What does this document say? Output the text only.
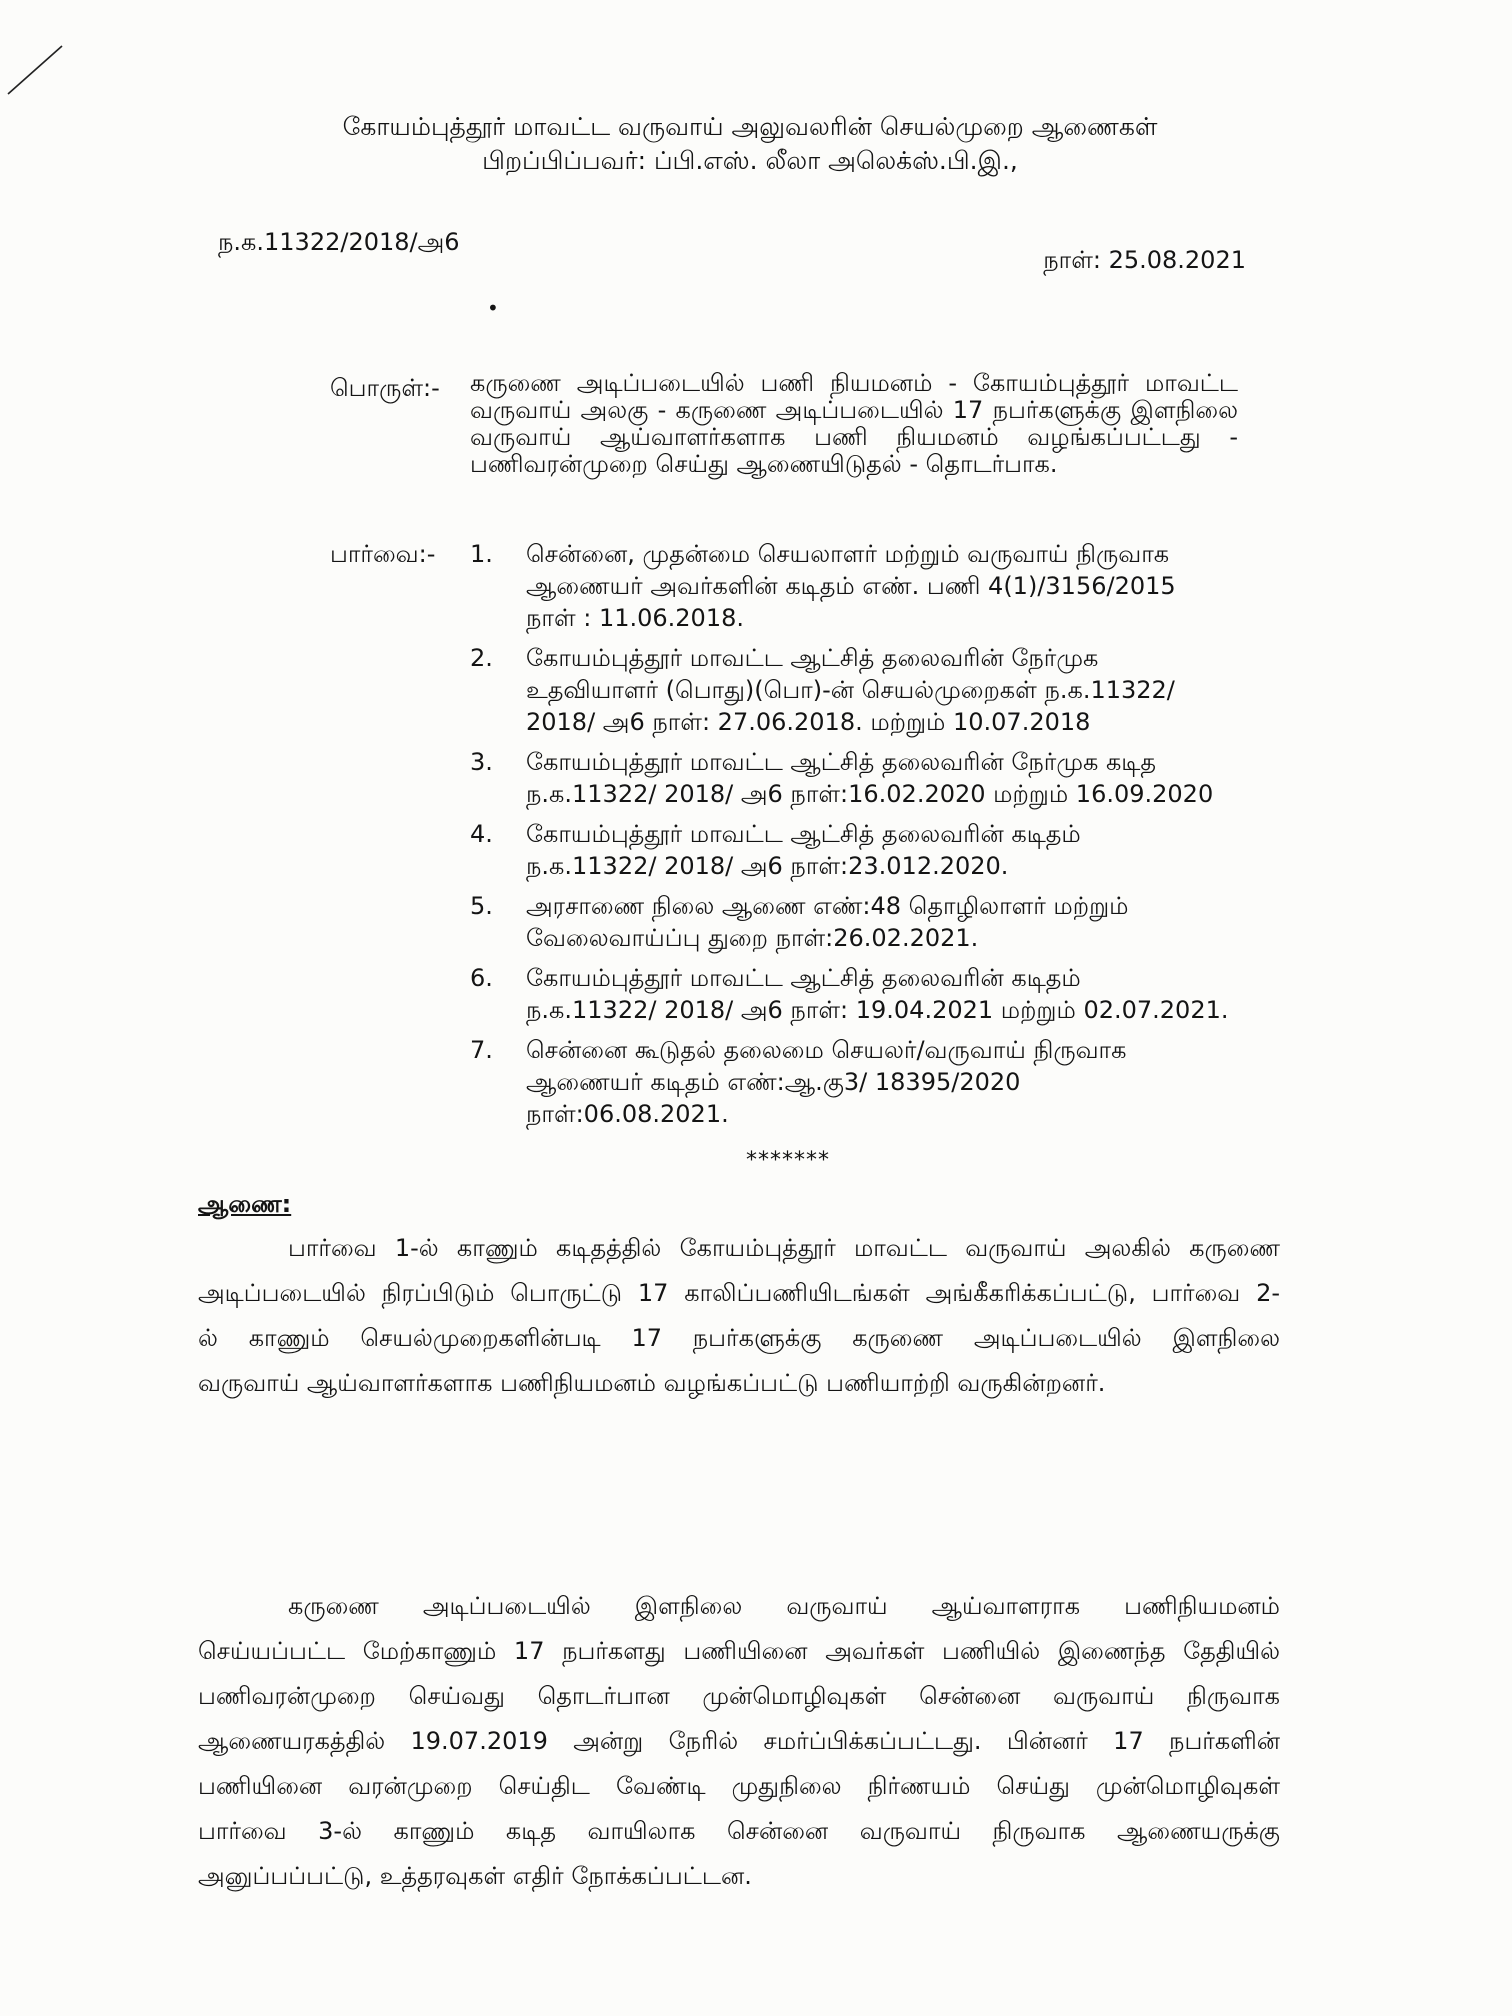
கோயம்புத்தூர் மாவட்ட வருவாய் அலுவலரின் செயல்முறை ஆணைகள்
பிறப்பிப்பவர்: ப்பி.எஸ். லீலா அலெக்ஸ்.பி.இ.,
ந.க.11322/2018/அ6
நாள்: 25.08.2021
•
பொருள்:- கருணை அடிப்படையில் பணி நியமனம் - கோயம்புத்தூர் மாவட்ட வருவாய் அலகு - கருணை அடிப்படையில் 17 நபர்களுக்கு இளநிலை வருவாய் ஆய்வாளர்களாக பணி நியமனம் வழங்கப்பட்டது - பணிவரன்முறை செய்து ஆணையிடுதல் - தொடர்பாக.
பார்வை:- 1. சென்னை, முதன்மை செயலாளர் மற்றும் வருவாய் நிருவாக
ஆணையர் அவர்களின் கடிதம் எண். பணி 4(1)/3156/2015
நாள் : 11.06.2018.
2. கோயம்புத்தூர் மாவட்ட ஆட்சித் தலைவரின் நேர்முக
உதவியாளர் (பொது)(பொ)-ன் செயல்முறைகள் ந.க.11322/
2018/ அ6 நாள்: 27.06.2018. மற்றும் 10.07.2018
3. கோயம்புத்தூர் மாவட்ட ஆட்சித் தலைவரின் நேர்முக கடித
ந.க.11322/ 2018/ அ6 நாள்:16.02.2020 மற்றும் 16.09.2020
4. கோயம்புத்தூர் மாவட்ட ஆட்சித் தலைவரின் கடிதம்
ந.க.11322/ 2018/ அ6 நாள்:23.012.2020.
5. அரசாணை நிலை ஆணை எண்:48 தொழிலாளர் மற்றும்
வேலைவாய்ப்பு துறை நாள்:26.02.2021.
6. கோயம்புத்தூர் மாவட்ட ஆட்சித் தலைவரின் கடிதம்
ந.க.11322/ 2018/ அ6 நாள்: 19.04.2021 மற்றும் 02.07.2021.
7. சென்னை கூடுதல் தலைமை செயலர்/வருவாய் நிருவாக
ஆணையர் கடிதம் எண்:ஆ.கு3/ 18395/2020
நாள்:06.08.2021.
*******
ஆணை:
பார்வை 1-ல் காணும் கடிதத்தில் கோயம்புத்தூர் மாவட்ட வருவாய் அலகில் கருணை
அடிப்படையில் நிரப்பிடும் பொருட்டு 17 காலிப்பணியிடங்கள் அங்கீகரிக்கப்பட்டு, பார்வை 2-
ல் காணும் செயல்முறைகளின்படி 17 நபர்களுக்கு கருணை அடிப்படையில் இளநிலை
வருவாய் ஆய்வாளர்களாக பணிநியமனம் வழங்கப்பட்டு பணியாற்றி வருகின்றனர்.
கருணை அடிப்படையில் இளநிலை வருவாய் ஆய்வாளராக பணிநியமனம்
செய்யப்பட்ட மேற்காணும் 17 நபர்களது பணியினை அவர்கள் பணியில் இணைந்த தேதியில்
பணிவரன்முறை செய்வது தொடர்பான முன்மொழிவுகள் சென்னை வருவாய் நிருவாக
ஆணையரகத்தில் 19.07.2019 அன்று நேரில் சமர்ப்பிக்கப்பட்டது. பின்னர் 17 நபர்களின்
பணியினை வரன்முறை செய்திட வேண்டி முதுநிலை நிர்ணயம் செய்து முன்மொழிவுகள்
பார்வை 3-ல் காணும் கடித வாயிலாக சென்னை வருவாய் நிருவாக ஆணையருக்கு
அனுப்பப்பட்டு, உத்தரவுகள் எதிர் நோக்கப்பட்டன.
